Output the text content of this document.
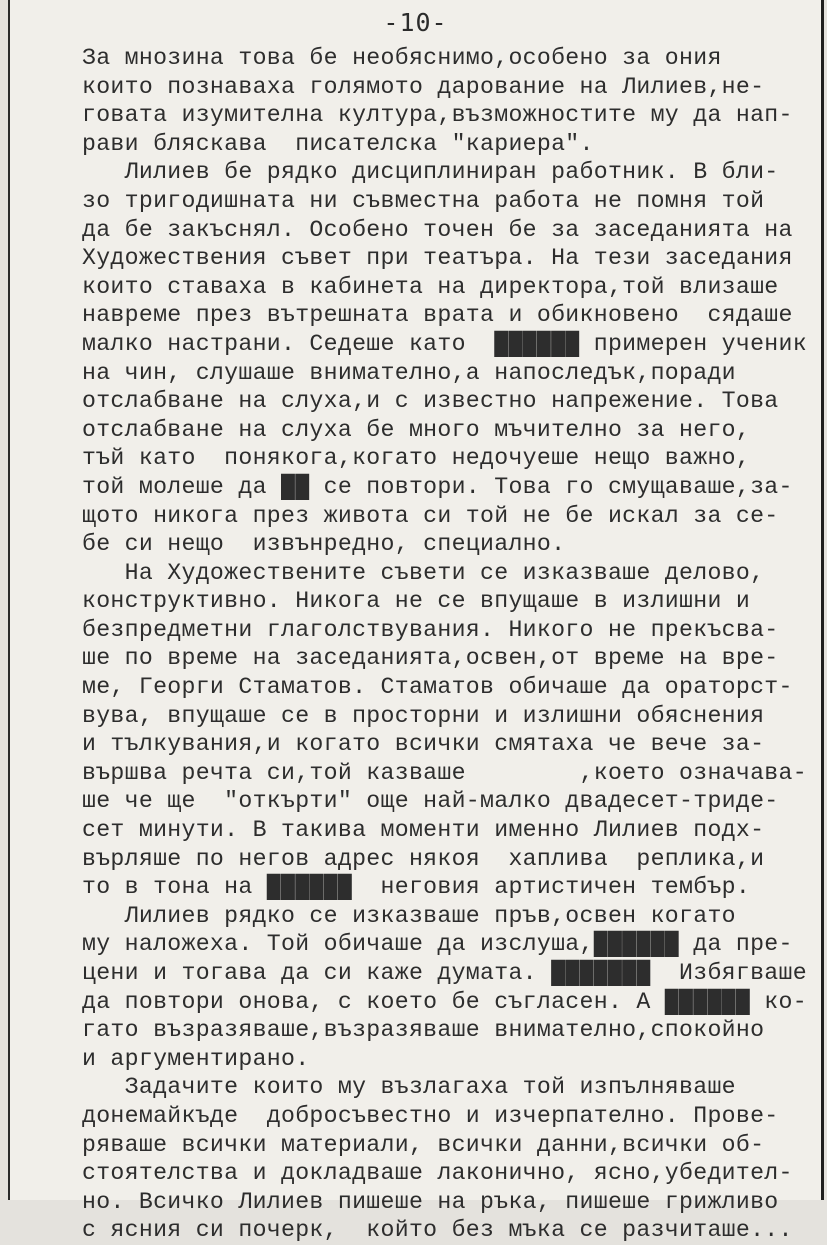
-10-
За мнозина това бе необяснимо,особено за ония
които познаваха голямото дарование на Лилиев,не-
говата изумителна култура,възможностите му да нап-
рави бляскава  писателска "кариера".
Лилиев бе рядко дисциплиниран работник. В бли-
зо тригодишната ни съвместна работа не помня той
да бе закъснял. Особено точен бе за заседанията на
Художествения съвет при театъра. На тези заседания
които ставаха в кабинета на директора,той влизаше
навреме през вътрешната врата и обикновено  сядаше
малко настрани. Седеше като  ██████ примерен ученик
на чин, слушаше внимателно,а напоследък,поради
отслабване на слуха,и с известно напрежение. Това
отслабване на слуха бе много мъчително за него,
тъй като  понякога,когато недочуеше нещо важно,
той молеше да ██ се повтори. Това го смущаваше,за-
щото никога през живота си той не бе искал за се-
бе си нещо  извънредно, специално.
На Художествените съвети се изказваше делово,
конструктивно. Никога не се впущаше в излишни и
безпредметни глаголствувания. Никого не прекъсва-
ше по време на заседанията,освен,от време на вре-
ме, Георги Стаматов. Стаматов обичаше да ораторст-
вува, впущаше се в просторни и излишни обяснения
и тълкувания,и когато всички смятаха че вече за-
вършва речта си,той казваше        ,което означава-
ше че ще  "откърти" още най-малко двадесет-триде-
сет минути. В такива моменти именно Лилиев подх-
върляше по негов адрес някоя  хаплива  реплика,и
то в тона на ██████  неговия артистичен тембър.
Лилиев рядко се изказваше пръв,освен когато
му наложеха. Той обичаше да изслуша,██████ да пре-
цени и тогава да си каже думата. ███████  Избягваше
да повтори онова, с което бе съгласен. А ██████ ко-
гато възразяваше,възразяваше внимателно,спокойно
и аргументирано.
Задачите които му възлагаха той изпълняваше
донемайкъде  добросъвестно и изчерпателно. Прове-
ряваше всички материали, всички данни,всички об-
стоятелства и докладваше лаконично, ясно,убедител-
но. Всичко Лилиев пишеше на ръка, пишеше грижливо
с ясния си почерк,  който без мъка се разчиташе...
